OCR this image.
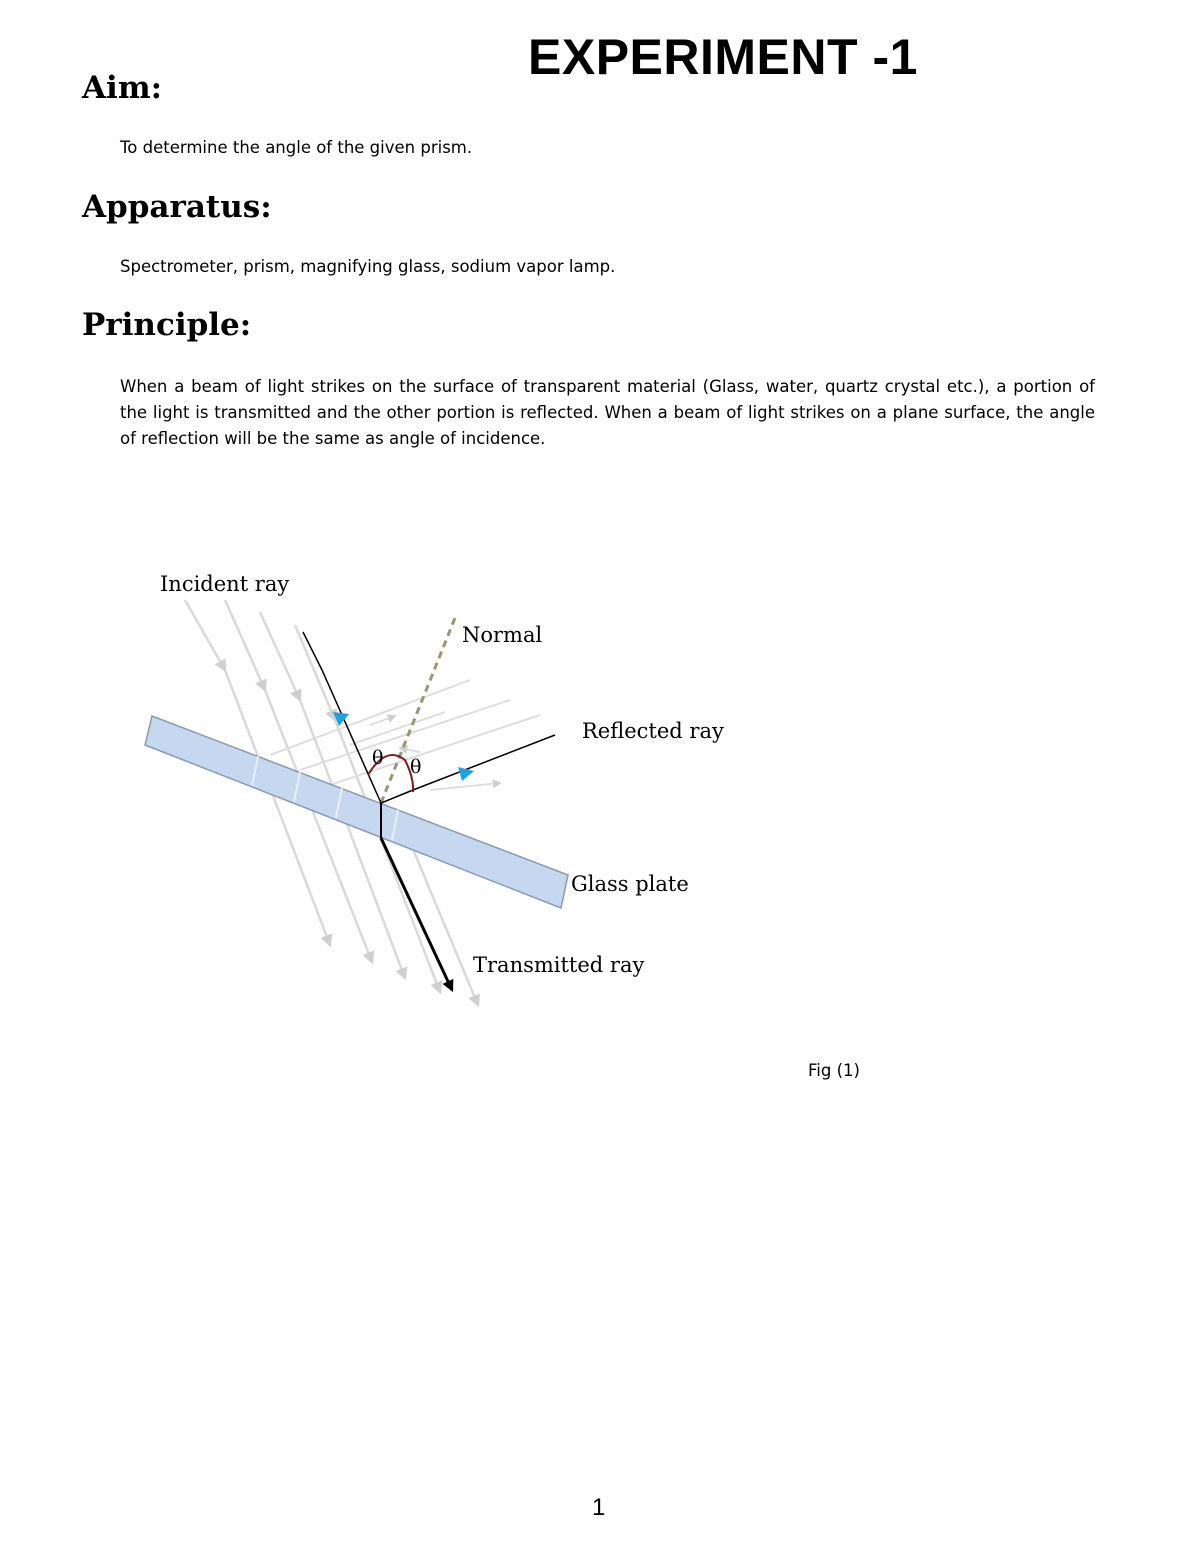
EXPERIMENT -1
Aim:
To determine the angle of the given prism.
Apparatus:
Spectrometer, prism, magnifying glass, sodium vapor lamp.
Principle:
When a beam of light strikes on the surface of transparent material (Glass, water, quartz crystal etc.), a portion of the light is transmitted and the other portion is reflected. When a beam of light strikes on a plane surface, the angle of reflection will be the same as angle of incidence.
θ θ
Incident ray
Normal
Reflected ray
Glass plate
Transmitted ray
Fig (1)
1
